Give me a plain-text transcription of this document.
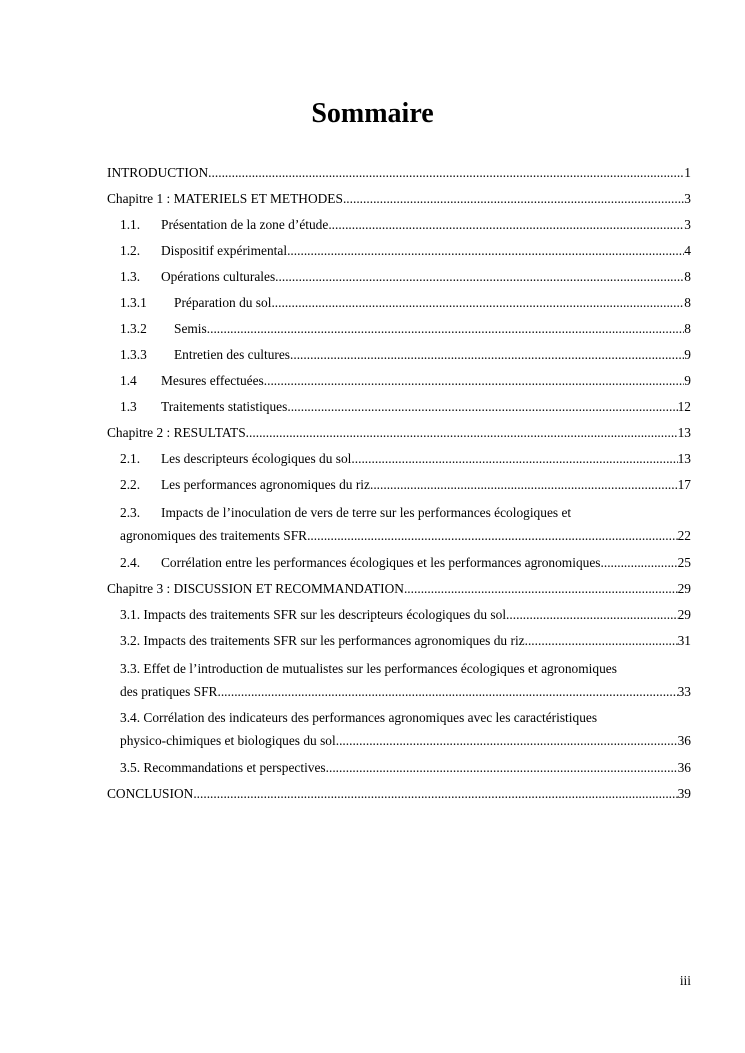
Sommaire
INTRODUCTION .....	1
Chapitre 1 : MATERIELS ET METHODES .....	3
1.1.	Présentation de la zone d’étude .....	3
1.2.	Dispositif expérimental .....	4
1.3.	Opérations culturales .....	8
1.3.1	Préparation du sol .....	8
1.3.2	Semis .....	8
1.3.3	Entretien des cultures .....	9
1.4	Mesures effectuées .....	9
1.3	Traitements statistiques .....	12
Chapitre 2 : RESULTATS .....	13
2.1.	Les descripteurs écologiques du sol .....	13
2.2.	Les performances agronomiques du riz .....	17
2.3. Impacts de l’inoculation de vers de terre sur les performances écologiques et
agronomiques des traitements SFR .....	22
2.4.	Corrélation entre les performances écologiques et les performances agronomiques .....	25
Chapitre 3 : DISCUSSION ET RECOMMANDATION .....	29
3.1. Impacts des traitements SFR sur les descripteurs écologiques du sol .....	29
3.2. Impacts des traitements SFR sur les performances agronomiques du riz .....	31
3.3. Effet de l’introduction de mutualistes sur les performances écologiques et agronomiques
des pratiques SFR .....	33
3.4. Corrélation des indicateurs des performances agronomiques avec les caractéristiques
physico-chimiques et biologiques du sol .....	36
3.5. Recommandations et perspectives .....	36
CONCLUSION .....	39
iii
